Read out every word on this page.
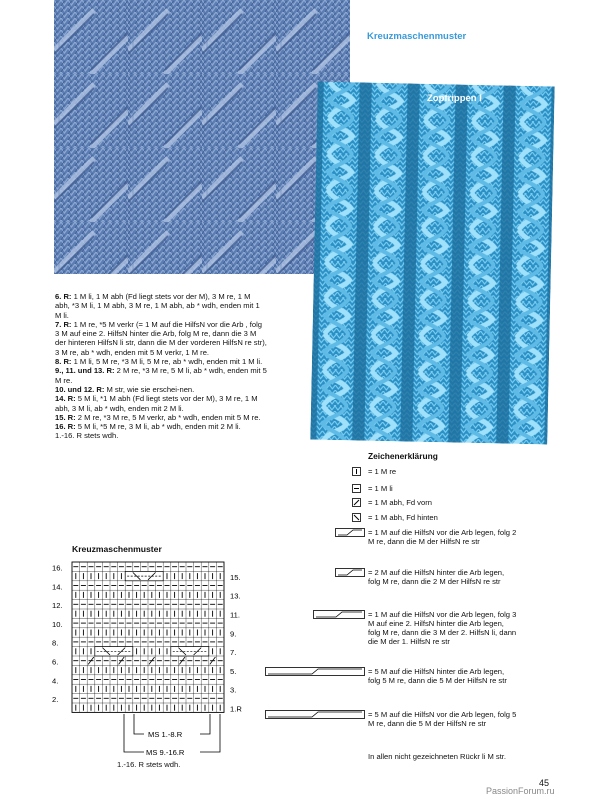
Kreuzmaschenmuster
Zopfrippen I

6. R: 1 M li, 1 M abh (Fd liegt stets vor der M), 3 M re, 1 M abh, *3 M li, 1 M abh, 3 M re, 1 M abh, ab * wdh, enden mit 1 M li.

7. R: 1 M re, *5 M verkr (= 1 M auf die HilfsN vor die Arb , folg 3 M auf eine 2. HilfsN hinter die Arb, folg M re, dann die 3 M der hinteren HilfsN li str, dann die M der vorderen HilfsN re str), 3 M re, ab * wdh, enden mit 5 M verkr, 1 M re.

8. R: 1 M li, 5 M re, *3 M li, 5 M re, ab * wdh, enden mit 1 M li.

9., 11. und 13. R: 2 M re, *3 M re, 5 M li, ab * wdh, enden mit 5 M re.

10. und 12. R: M str, wie sie erschei-nen.

14. R: 5 M li, *1 M abh (Fd liegt stets vor der M), 3 M re, 1 M abh, 3 M li, ab * wdh, enden mit 2 M li.

15. R: 2 M re, *3 M re, 5 M verkr, ab * wdh, enden mit 5 M re.

16. R: 5 M li, *5 M re, 3 M li, ab * wdh, enden mit 2 M li.

1.-16. R stets wdh.

Kreuzmaschenmuster
16.
14.
12.
10.
8.
6.
4.
2.
15.
13.
11.
9.
7.
5.
3.
1.R
MS 1.-8.R
MS 9.-16.R
1.-16. R stets wdh.
Zeichenerklärung
= 1 M re
= 1 M li
= 1 M abh, Fd vorn
= 1 M abh, Fd hinten
= 1 M auf die HilfsN vor die Arb legen, folg 2 M re, dann die M der HilfsN re str
= 2 M auf die HilfsN hinter die Arb legen, folg M re, dann die 2 M der HilfsN re str
= 1 M auf die HilfsN vor die Arb legen, folg 3 M auf eine 2. HilfsN hinter die Arb legen, folg M re, dann die 3 M der 2. HilfsN li, dann die M der 1. HilfsN re str
= 5 M auf die HilfsN hinter die Arb legen, folg 5 M re, dann die 5 M der HilfsN re str
= 5 M auf die HilfsN vor die Arb legen, folg 5 M re, dann die 5 M der HilfsN re str
In allen nicht gezeichneten Rückr li M str.
45
PassionForum.ru
